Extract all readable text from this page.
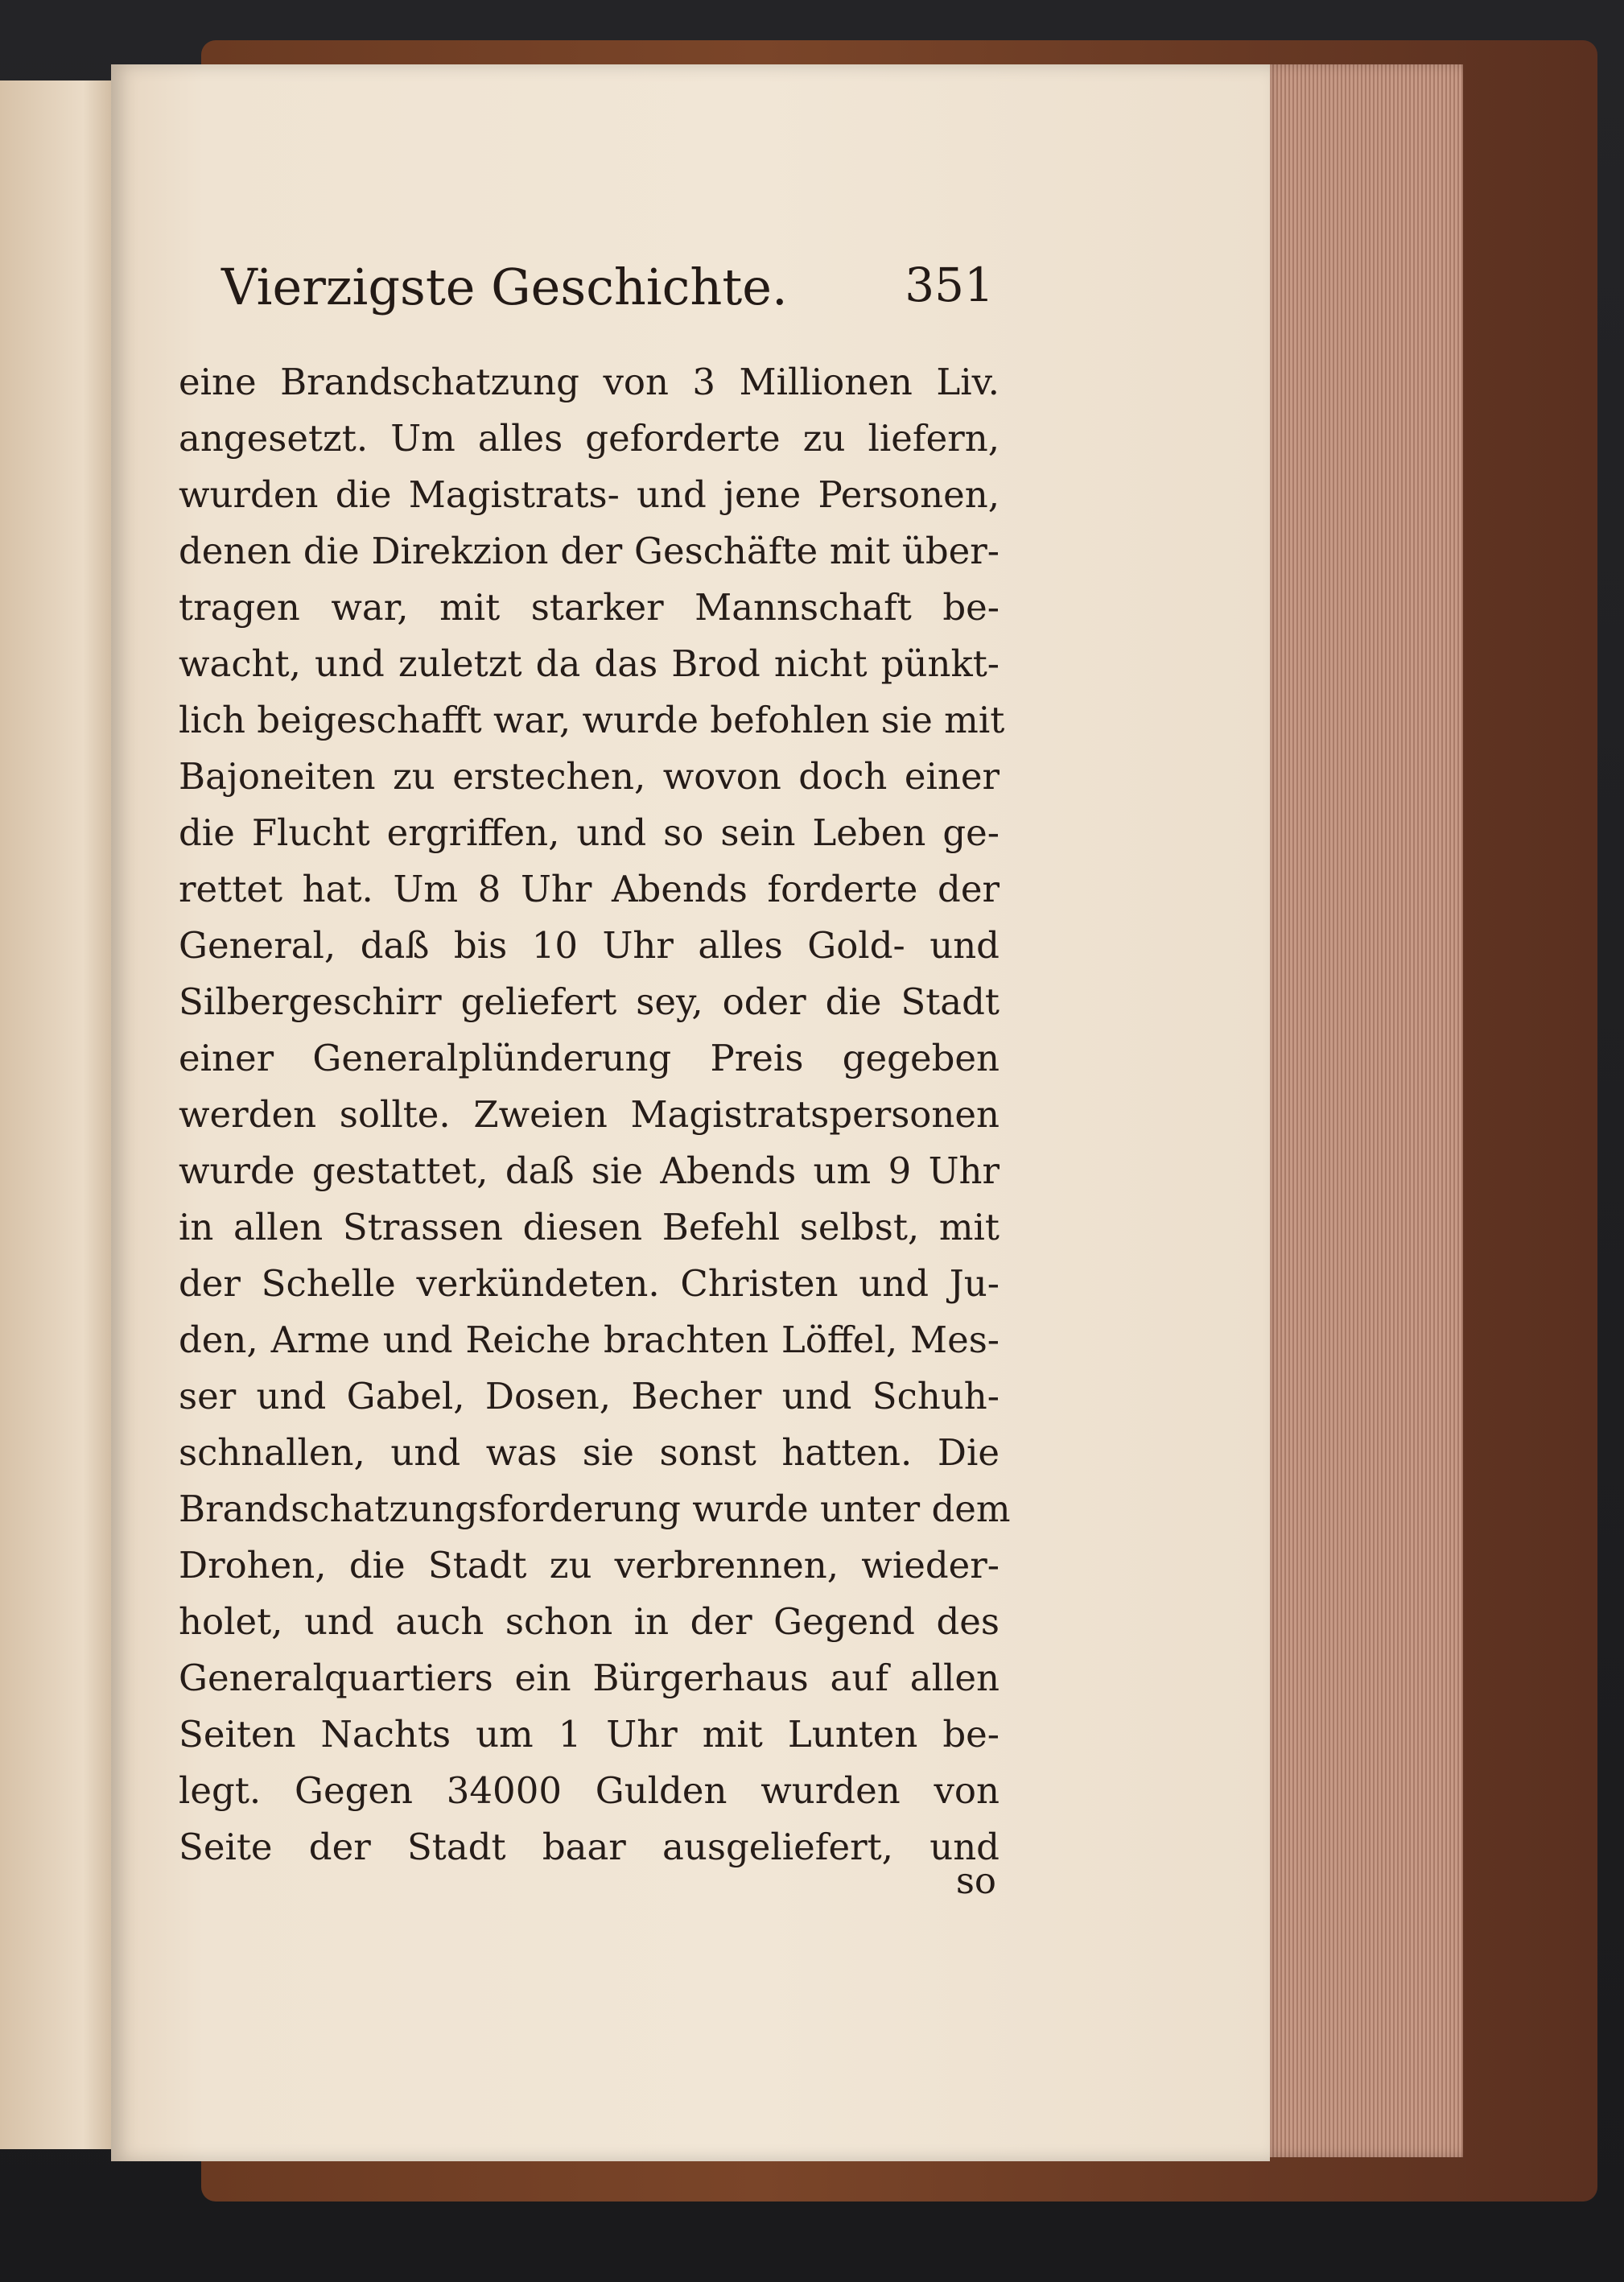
Vierzigste Geschichte.	351
eine Brandschatzung von 3 Millionen Liv.
angesetzt. Um alles geforderte zu liefern,
wurden die Magistrats- und jene Personen,
denen die Direkzion der Geschäfte mit über-
tragen war, mit starker Mannschaft be-
wacht, und zuletzt da das Brod nicht pünkt-
lich beigeschafft war, wurde befohlen sie mit
Bajoneiten zu erstechen, wovon doch einer
die Flucht ergriffen, und so sein Leben ge-
rettet hat. Um 8 Uhr Abends forderte der
General, daß bis 10 Uhr alles Gold- und
Silbergeschirr geliefert sey, oder die Stadt
einer Generalplünderung Preis gegeben
werden sollte. Zweien Magistratspersonen
wurde gestattet, daß sie Abends um 9 Uhr
in allen Strassen diesen Befehl selbst, mit
der Schelle verkündeten. Christen und Ju-
den, Arme und Reiche brachten Löffel, Mes-
ser und Gabel, Dosen, Becher und Schuh-
schnallen, und was sie sonst hatten. Die
Brandschatzungsforderung wurde unter dem
Drohen, die Stadt zu verbrennen, wieder-
holet, und auch schon in der Gegend des
Generalquartiers ein Bürgerhaus auf allen
Seiten Nachts um 1 Uhr mit Lunten be-
legt. Gegen 34000 Gulden wurden von
Seite der Stadt baar ausgeliefert, und
so
